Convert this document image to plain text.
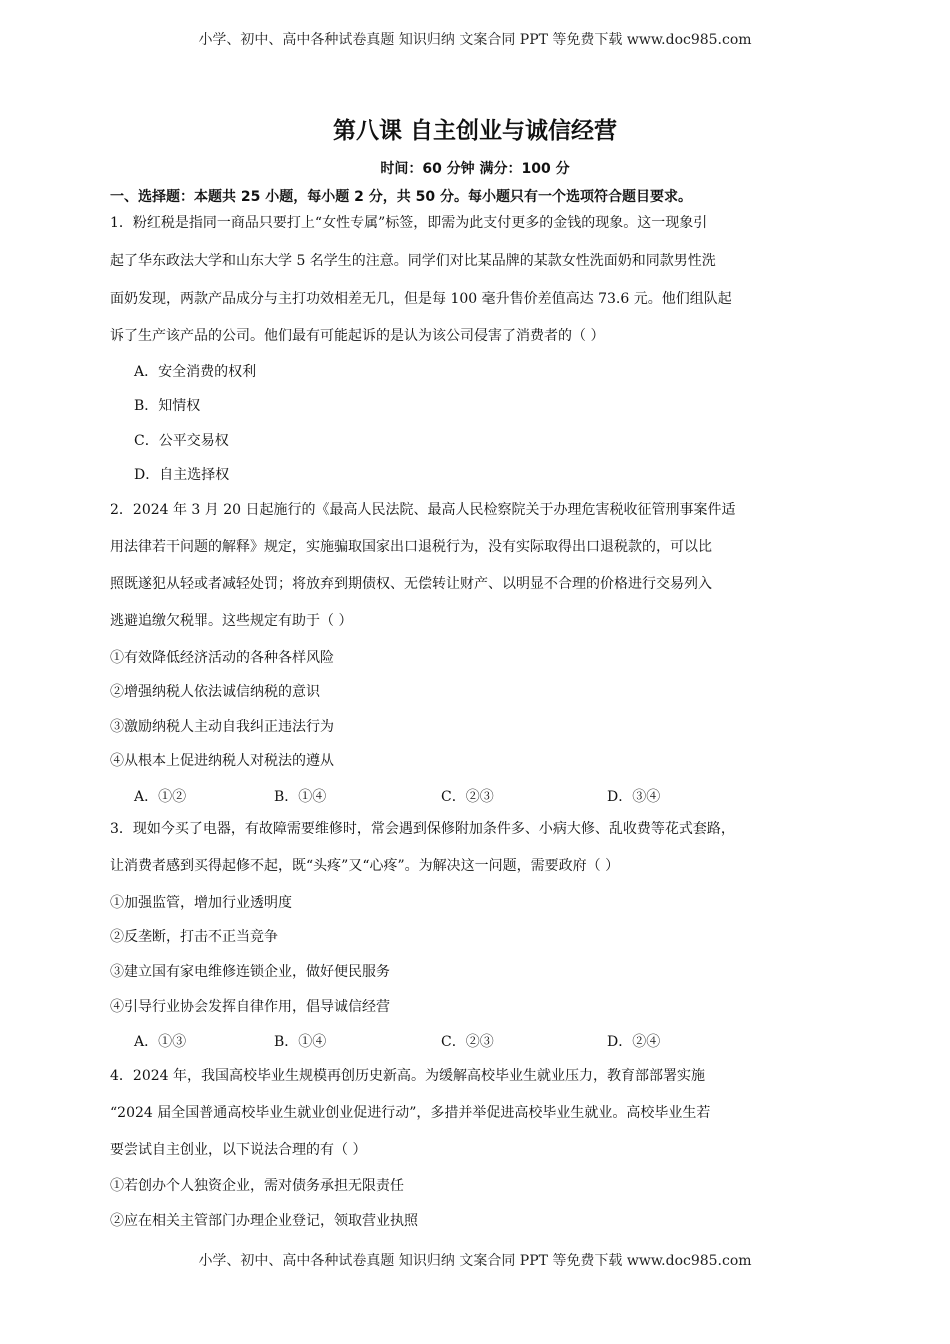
小学、初中、高中各种试卷真题 知识归纳 文案合同 PPT 等免费下载 www.doc985.com
第八课 自主创业与诚信经营
时间：60 分钟 满分：100 分
一、选择题：本题共 25 小题，每小题 2 分，共 50 分。每小题只有一个选项符合题目要求。
1．粉红税是指同一商品只要打上“女性专属”标签，即需为此支付更多的金钱的现象。这一现象引
起了华东政法大学和山东大学 5 名学生的注意。同学们对比某品牌的某款女性洗面奶和同款男性洗
面奶发现，两款产品成分与主打功效相差无几，但是每 100 毫升售价差值高达 73.6 元。他们组队起
诉了生产该产品的公司。他们最有可能起诉的是认为该公司侵害了消费者的（ ）
A．安全消费的权利
B．知情权
C．公平交易权
D．自主选择权
2．2024 年 3 月 20 日起施行的《最高人民法院、最高人民检察院关于办理危害税收征管刑事案件适
用法律若干问题的解释》规定，实施骗取国家出口退税行为，没有实际取得出口退税款的，可以比
照既遂犯从轻或者减轻处罚；将放弃到期债权、无偿转让财产、以明显不合理的价格进行交易列入
逃避追缴欠税罪。这些规定有助于（ ）
①有效降低经济活动的各种各样风险
②增强纳税人依法诚信纳税的意识
③激励纳税人主动自我纠正违法行为
④从根本上促进纳税人对税法的遵从
A．①②	B．①④	C．②③	D．③④
3．现如今买了电器，有故障需要维修时，常会遇到保修附加条件多、小病大修、乱收费等花式套路，
让消费者感到买得起修不起，既“头疼”又“心疼”。为解决这一问题，需要政府（ ）
①加强监管，增加行业透明度
②反垄断，打击不正当竞争
③建立国有家电维修连锁企业，做好便民服务
④引导行业协会发挥自律作用，倡导诚信经营
A．①③	B．①④	C．②③	D．②④
4．2024 年，我国高校毕业生规模再创历史新高。为缓解高校毕业生就业压力，教育部部署实施
“2024 届全国普通高校毕业生就业创业促进行动”，多措并举促进高校毕业生就业。高校毕业生若
要尝试自主创业，以下说法合理的有（ ）
①若创办个人独资企业，需对债务承担无限责任
②应在相关主管部门办理企业登记，领取营业执照
小学、初中、高中各种试卷真题 知识归纳 文案合同 PPT 等免费下载 www.doc985.com
